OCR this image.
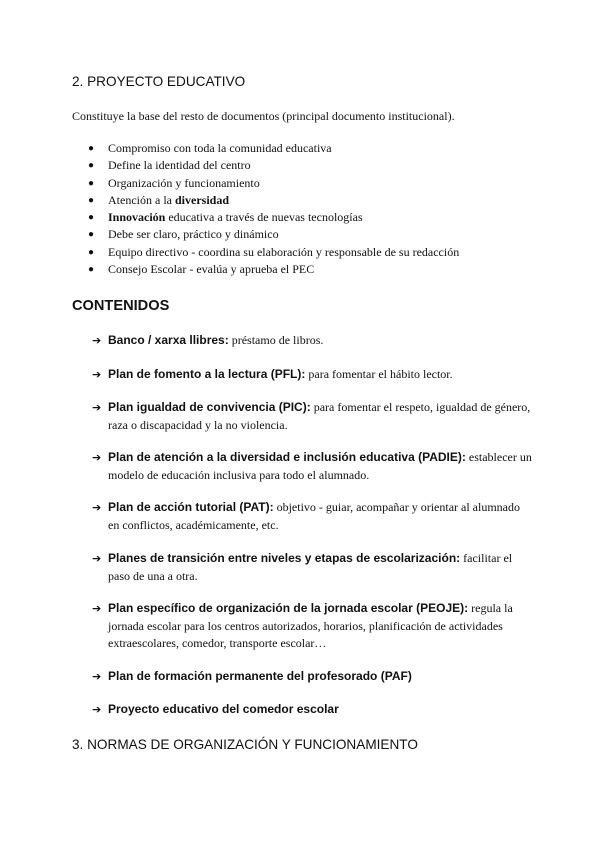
2. PROYECTO EDUCATIVO
Constituye la base del resto de documentos (principal documento institucional).
● Compromiso con toda la comunidad educativa
● Define la identidad del centro
● Organización y funcionamiento
● Atención a la diversidad
● Innovación educativa a través de nuevas tecnologías
● Debe ser claro, práctico y dinámico
● Equipo directivo - coordina su elaboración y responsable de su redacción
● Consejo Escolar - evalúa y aprueba el PEC
CONTENIDOS
➔ Banco / xarxa llibres: préstamo de libros.
➔ Plan de fomento a la lectura (PFL): para fomentar el hábito lector.
➔ Plan igualdad de convivencia (PIC): para fomentar el respeto, igualdad de género, raza o discapacidad y la no violencia.
➔ Plan de atención a la diversidad e inclusión educativa (PADIE): establecer un modelo de educación inclusiva para todo el alumnado.
➔ Plan de acción tutorial (PAT): objetivo - guiar, acompañar y orientar al alumnado en conflictos, académicamente, etc.
➔ Planes de transición entre niveles y etapas de escolarización: facilitar el paso de una a otra.
➔ Plan específico de organización de la jornada escolar (PEOJE): regula la jornada escolar para los centros autorizados, horarios, planificación de actividades extraescolares, comedor, transporte escolar…
➔ Plan de formación permanente del profesorado (PAF)
➔ Proyecto educativo del comedor escolar
3. NORMAS DE ORGANIZACIÓN Y FUNCIONAMIENTO
